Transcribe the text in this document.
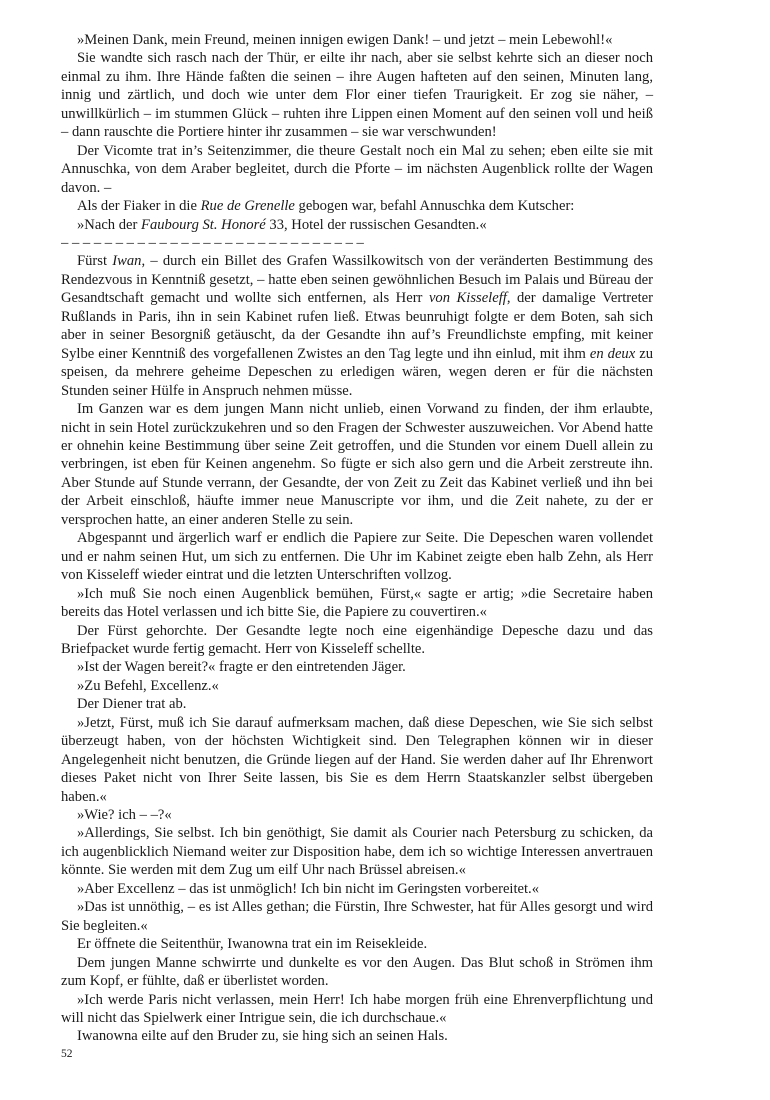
»Meinen Dank, mein Freund, meinen innigen ewigen Dank! – und jetzt – mein Lebewohl!«

Sie wandte sich rasch nach der Thür, er eilte ihr nach, aber sie selbst kehrte sich an dieser noch einmal zu ihm. Ihre Hände faßten die seinen – ihre Augen hafteten auf den seinen, Minuten lang, innig und zärtlich, und doch wie unter dem Flor einer tiefen Traurigkeit. Er zog sie näher, – unwillkürlich – im stummen Glück – ruhten ihre Lippen einen Moment auf den seinen voll und heiß – dann rauschte die Portiere hinter ihr zusammen – sie war verschwunden!

Der Vicomte trat in’s Seitenzimmer, die theure Gestalt noch ein Mal zu sehen; eben eilte sie mit Annuschka, von dem Araber begleitet, durch die Pforte – im nächsten Augenblick rollte der Wagen davon. –

Als der Fiaker in die Rue de Grenelle gebogen war, befahl Annuschka dem Kutscher:

»Nach der Faubourg St. Honoré 33, Hotel der russischen Gesandten.«

– – – – – – – – – – – – – – – – – – – – – – – – – – – –

Fürst Iwan, – durch ein Billet des Grafen Wassilkowitsch von der veränderten Bestimmung des Rendezvous in Kenntniß gesetzt, – hatte eben seinen gewöhnlichen Besuch im Palais und Büreau der Gesandtschaft gemacht und wollte sich entfernen, als Herr von Kisseleff, der damalige Vertreter Rußlands in Paris, ihn in sein Kabinet rufen ließ. Etwas beunruhigt folgte er dem Boten, sah sich aber in seiner Besorgniß getäuscht, da der Gesandte ihn auf’s Freundlichste empfing, mit keiner Sylbe einer Kenntniß des vorgefallenen Zwistes an den Tag legte und ihn einlud, mit ihm en deux zu speisen, da mehrere geheime Depeschen zu erledigen wären, wegen deren er für die nächsten Stunden seiner Hülfe in Anspruch nehmen müsse.

Im Ganzen war es dem jungen Mann nicht unlieb, einen Vorwand zu finden, der ihm erlaubte, nicht in sein Hotel zurückzukehren und so den Fragen der Schwester auszuweichen. Vor Abend hatte er ohnehin keine Bestimmung über seine Zeit getroffen, und die Stunden vor einem Duell allein zu verbringen, ist eben für Keinen angenehm. So fügte er sich also gern und die Arbeit zerstreute ihn. Aber Stunde auf Stunde verrann, der Gesandte, der von Zeit zu Zeit das Kabinet verließ und ihn bei der Arbeit einschloß, häufte immer neue Manuscripte vor ihm, und die Zeit nahete, zu der er versprochen hatte, an einer anderen Stelle zu sein.

Abgespannt und ärgerlich warf er endlich die Papiere zur Seite. Die Depeschen waren vollendet und er nahm seinen Hut, um sich zu entfernen. Die Uhr im Kabinet zeigte eben halb Zehn, als Herr von Kisseleff wieder eintrat und die letzten Unterschriften vollzog.

»Ich muß Sie noch einen Augenblick bemühen, Fürst,« sagte er artig; »die Secretaire haben bereits das Hotel verlassen und ich bitte Sie, die Papiere zu couvertiren.«

Der Fürst gehorchte. Der Gesandte legte noch eine eigenhändige Depesche dazu und das Briefpacket wurde fertig gemacht. Herr von Kisseleff schellte.

»Ist der Wagen bereit?« fragte er den eintretenden Jäger.

»Zu Befehl, Excellenz.«

Der Diener trat ab.

»Jetzt, Fürst, muß ich Sie darauf aufmerksam machen, daß diese Depeschen, wie Sie sich selbst überzeugt haben, von der höchsten Wichtigkeit sind. Den Telegraphen können wir in dieser Angelegenheit nicht benutzen, die Gründe liegen auf der Hand. Sie werden daher auf Ihr Ehrenwort dieses Paket nicht von Ihrer Seite lassen, bis Sie es dem Herrn Staatskanzler selbst übergeben haben.«

»Wie? ich – –?«

»Allerdings, Sie selbst. Ich bin genöthigt, Sie damit als Courier nach Petersburg zu schicken, da ich augenblicklich Niemand weiter zur Disposition habe, dem ich so wichtige Interessen anvertrauen könnte. Sie werden mit dem Zug um eilf Uhr nach Brüssel abreisen.«

»Aber Excellenz – das ist unmöglich! Ich bin nicht im Geringsten vorbereitet.«

»Das ist unnöthig, – es ist Alles gethan; die Fürstin, Ihre Schwester, hat für Alles gesorgt und wird Sie begleiten.«

Er öffnete die Seitenthür, Iwanowna trat ein im Reisekleide.

Dem jungen Manne schwirrte und dunkelte es vor den Augen. Das Blut schoß in Strömen ihm zum Kopf, er fühlte, daß er überlistet worden.

»Ich werde Paris nicht verlassen, mein Herr! Ich habe morgen früh eine Ehrenverpflichtung und will nicht das Spielwerk einer Intrigue sein, die ich durchschaue.«

Iwanowna eilte auf den Bruder zu, sie hing sich an seinen Hals.

52
